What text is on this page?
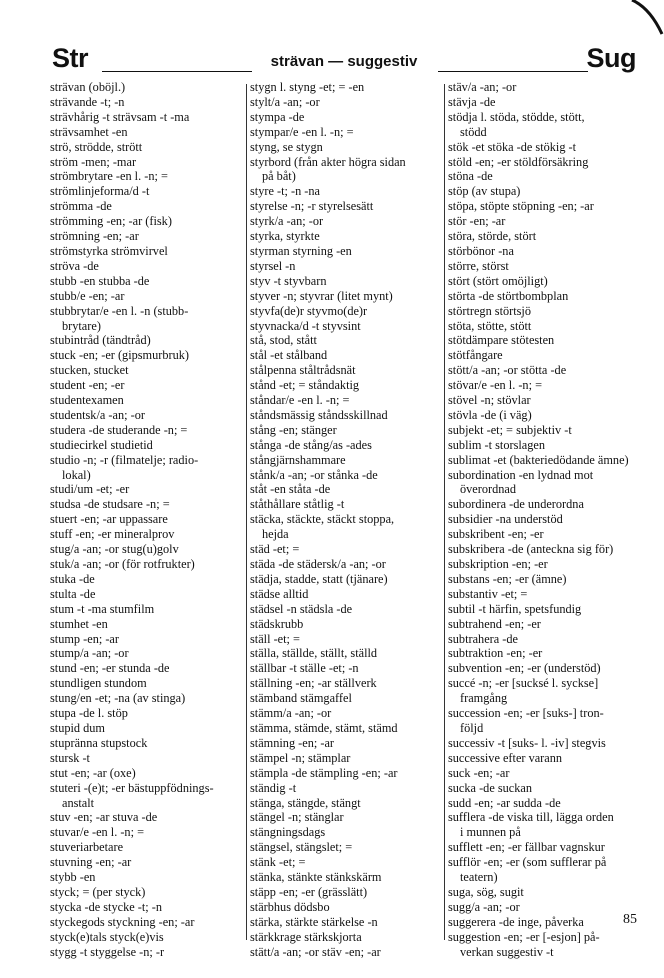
Str	strävan — suggestiv	Sug
strävan (oböjl.)
strävande -t; -n
strävhårig -t strävsam -t -ma
strävsamhet -en
strö, strödde, strött
ström -men; -mar
strömbrytare -en l. -n; =
strömlinjeformа/d -t
strömma -de
strömming -en; -ar (fisk)
strömning -en; -ar
strömstyrka strömvirvel
ströva -de
stubb -en stubba -de
stubb/e -en; -ar
stubbrytar/e -en l. -n (stubb-
brytare)
stubintråd (tändtråd)
stuck -en; -er (gipsmurbruk)
stucken, stucket
student -en; -er
studentexamen
studentsk/a -an; -or
studera -de studerande -n; =
studiecirkel studietid
studio -n; -r (filmatelje; radio-
lokal)
studi/um -et; -er
studsa -de studsare -n; =
stuert -en; -ar uppassare
stuff -en; -er mineralprov
stug/a -an; -or stug(u)golv
stuk/a -an; -or (för rotfrukter)
stuka -de
stulta -de
stum -t -ma stumfilm
stumhet -en
stump -en; -ar
stump/a -an; -or
stund -en; -er stunda -de
stundligen stundom
stung/en -et; -na (av stinga)
stupa -de l. stöp
stupid dum
stupränna stupstock
stursk -t
stut -en; -ar (oxe)
stuteri -(e)t; -er bästuppfödnings-
anstalt
stuv -en; -ar stuva -de
stuvar/e -en l. -n; =
stuveriarbetare
stuvning -en; -ar
stybb -en
styck; = (per styck)
stycka -de stycke -t; -n
styckegods styckning -en; -ar
styck(e)tals styck(e)vis
stygg -t styggelse -n; -r
stygn l. styng -et; = -en
stylt/a -an; -or
stympa -de
stympar/e -en l. -n; =
styng, se stygn
styrbord (från akter högra sidan
på båt)
styre -t; -n -na
styrelse -n; -r styrelsesätt
styrk/a -an; -or
styrka, styrkte
styrman styrning -en
styrsel -n
styv -t styvbarn
styver -n; styvrar (litet mynt)
styvfa(de)r styvmo(de)r
styvnacka/d -t styvsint
stå, stod, stått
stål -et stålband
stålpenna ståltrådsnät
stånd -et; = ståndaktig
ståndar/e -en l. -n; =
ståndsmässig ståndsskillnad
stång -en; stänger
stånga -de stång/as -ades
stångjärnshammare
stånk/a -an; -or stånka -de
ståt -en ståta -de
ståthållare ståtlig -t
stäcka, stäckte, stäckt stoppa,
hejda
städ -et; =
städa -de städersk/a -an; -or
städja, stadde, statt (tjänare)
städse alltid
städsel -n städsla -de
städskrubb
ställ -et; =
ställa, ställde, ställt, ställd
ställbar -t ställe -et; -n
ställning -en; -ar ställverk
stämband stämgaffel
stämm/a -an; -or
stämma, stämde, stämt, stämd
stämning -en; -ar
stämpel -n; stämplar
stämpla -de stämpling -en; -ar
ständig -t
stänga, stängde, stängt
stängel -n; stänglar
stängningsdags
stängsel, stängslet; =
stänk -et; =
stänka, stänkte stänkskärm
stäpp -en; -er (grässlätt)
stärbhus dödsbo
stärka, stärkte stärkelse -n
stärkkrage stärkskjorta
stätt/a -an; -or stäv -en; -ar
stäv/a -an; -or
stävja -de
stödja l. stöda, stödde, stött,
stödd
stök -et stöka -de stökig -t
stöld -en; -er stöldförsäkring
stöna -de
stöp (av stupa)
stöpa, stöpte stöpning -en; -ar
stör -en; -ar
störa, störde, stört
störbönor -na
större, störst
stört (stört omöjligt)
störta -de störtbombplan
störtregn störtsjö
stöta, stötte, stött
stötdämpare stötesten
stötfångare
stött/a -an; -or stötta -de
stövar/e -en l. -n; =
stövel -n; stövlar
stövla -de (i väg)
subjekt -et; = subjektiv -t
sublim -t storslagen
sublimat -et (bakteriedödande ämne)
subordination -en lydnad mot
överordnad
subordinera -de underordna
subsidier -na understöd
subskribent -en; -er
subskribera -de (anteckna sig för)
subskription -en; -er
substans -en; -er (ämne)
substantiv -et; =
subtil -t härfin, spetsfundig
subtrahend -en; -er
subtrahera -de
subtraktion -en; -er
subvention -en; -er (understöd)
succé -n; -er [sucksé l. syckse]
framgång
succession -en; -er [suks-] tron-
följd
successiv -t [suks- l. -iv] stegvis
successive efter varann
suck -en; -ar
sucka -de suckan
sudd -en; -ar sudda -de
sufflera -de viska till, lägga orden
i munnen på
sufflett -en; -er fällbar vagnskur
sufflör -en; -er (som sufflerar på
teatern)
suga, sög, sugit
sugg/a -an; -or
suggerera -de inge, påverka
suggestion -en; -er [-esjon] på-
verkan suggestiv -t
85
